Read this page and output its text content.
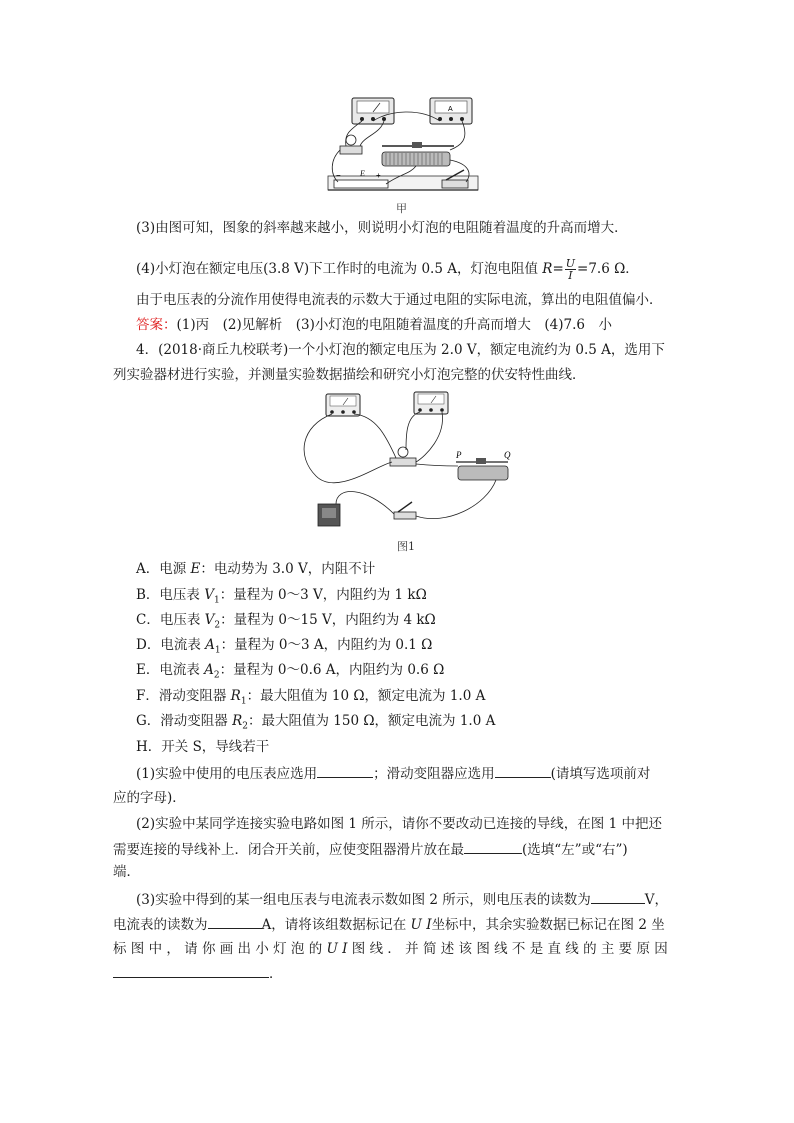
A
E +
−
甲
(3)由图可知，图象的斜率越来越小，则说明小灯泡的电阻随着温度的升高而增大．
(4)小灯泡在额定电压(3.8 V)下工作时的电流为 0.5 A，灯泡电阻值 $R= \frac{U}{I} =7.6$ Ω．
由于电压表的分流作用使得电流表的示数大于通过电阻的实际电流，算出的电阻值偏小．
答案：(1)丙　(2)见解析　(3)小灯泡的电阻随着温度的升高而增大　(4)7.6　小
4．(2018·商丘九校联考)一个小灯泡的额定电压为 2.0 V，额定电流约为 0.5 A，选用下
列实验器材进行实验，并测量实验数据描绘和研究小灯泡完整的伏安特性曲线．
P	Q
图1
A．电源 E：电动势为 3.0 V，内阻不计
B．电压表 $V_1$：量程为 0～3 V，内阻约为 1 kΩ
C．电压表 $V_2$：量程为 0～15 V，内阻约为 4 kΩ
D．电流表 $A_1$：量程为 0～3 A，内阻约为 0.1 Ω
E．电流表 $A_2$：量程为 0～0.6 A，内阻约为 0.6 Ω
F．滑动变阻器 $R_1$：最大阻值为 10 Ω，额定电流为 1.0 A
G．滑动变阻器 $R_2$：最大阻值为 150 Ω，额定电流为 1.0 A
H．开关 S，导线若干
(1)实验中使用的电压表应选用	；滑动变阻器应选用	(请填写选项前对
应的字母)．
(2)实验中某同学连接实验电路如图 1 所示，请你不要改动已连接的导线，在图 1 中把还
需要连接的导线补上．闭合开关前，应使变阻器滑片放在最	(选填“左”或“右”)
端．
(3)实验中得到的某一组电压表与电流表示数如图 2 所示，则电压表的读数为	V，
电流表的读数为	A，请将该组数据标记在 U I坐标中，其余实验数据已标记在图 2 坐
标 图 中 ， 请 你 画 出 小 灯 泡 的 U I 图 线 ． 并 简 述 该 图 线 不 是 直 线 的 主 要 原 因
．
